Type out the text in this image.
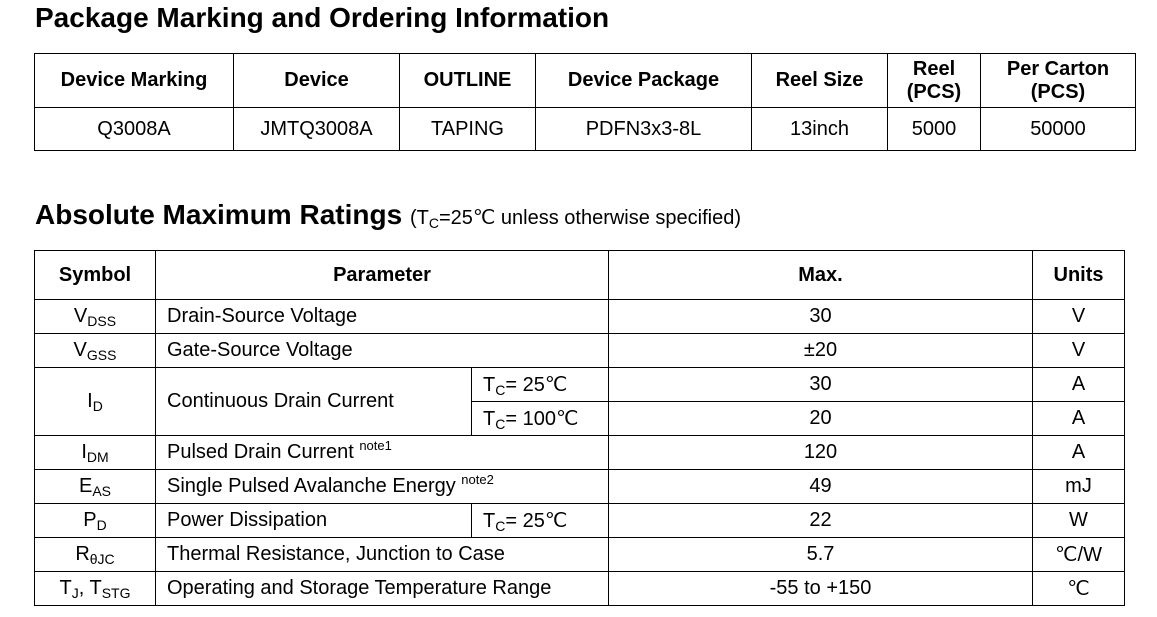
Package Marking and Ordering Information
Device Marking	Device	OUTLINE	Device Package	Reel Size	Reel (PCS)	Per Carton (PCS)
Q3008A	JMTQ3008A	TAPING	PDFN3x3-8L	13inch	5000	50000
Absolute Maximum Ratings ($T_C=25℃$ unless otherwise specified)
Symbol	Parameter		Max.	Units
$V_{DSS}$	Drain-Source Voltage		30	V
$V_{GSS}$	Gate-Source Voltage		±20	V
$I_D$	Continuous Drain Current	$T_C=$ 25℃	30	A
		$T_C=$ 100℃	20	A
$I_{DM}$	Pulsed Drain Current $^{note1}$		120	A
$E_{AS}$	Single Pulsed Avalanche Energy $^{note2}$		49	mJ
$P_D$	Power Dissipation	$T_C=$ 25℃	22	W
$R_{\theta JC}$	Thermal Resistance, Junction to Case		5.7	℃/W
$T_J$, $T_{STG}$	Operating and Storage Temperature Range		-55 to +150	℃
